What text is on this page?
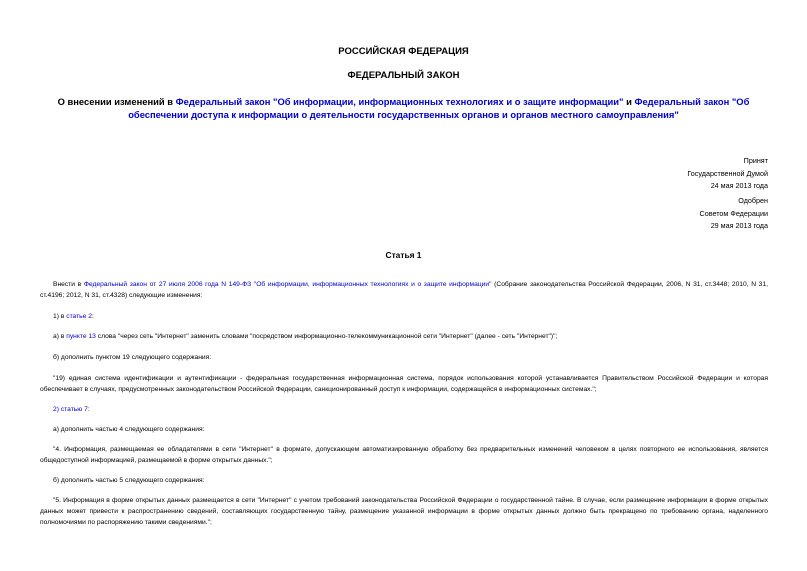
РОССИЙСКАЯ ФЕДЕРАЦИЯ
ФЕДЕРАЛЬНЫЙ ЗАКОН
О внесении изменений в Федеральный закон "Об информации, информационных технологиях и о защите информации" и Федеральный закон "Об обеспечении доступа к информации о деятельности государственных органов и органов местного самоуправления"
Принят
Государственной Думой
24 мая 2013 года
Одобрен
Советом Федерации
29 мая 2013 года
Статья 1
Внести в Федеральный закон от 27 июля 2006 года N 149-ФЗ "Об информации, информационных технологиях и о защите информации" (Собрание законодательства Российской Федерации, 2006, N 31, ст.3448; 2010, N 31, ст.4196; 2012, N 31, ст.4328) следующие изменения:
1) в статье 2:
а) в пункте 13 слова "через сеть "Интернет" заменить словами "посредством информационно-телекоммуникационной сети "Интернет" (далее - сеть "Интернет")";
б) дополнить пунктом 19 следующего содержания:
"19) единая система идентификации и аутентификации - федеральная государственная информационная система, порядок использования которой устанавливается Правительством Российской Федерации и которая обеспечивает в случаях, предусмотренных законодательством Российской Федерации, санкционированный доступ к информации, содержащейся в информационных системах.";
2) статью 7:
а) дополнить частью 4 следующего содержания:
"4. Информация, размещаемая ее обладателями в сети "Интернет" в формате, допускающем автоматизированную обработку без предварительных изменений человеком в целях повторного ее использования, является общедоступной информацией, размещаемой в форме открытых данных.";
б) дополнить частью 5 следующего содержания:
"5. Информация в форме открытых данных размещается в сети "Интернет" с учетом требований законодательства Российской Федерации о государственной тайне. В случае, если размещение информации в форме открытых данных может привести к распространению сведений, составляющих государственную тайну, размещение указанной информации в форме открытых данных должно быть прекращено по требованию органа, наделенного полномочиями по распоряжению такими сведениями.";
